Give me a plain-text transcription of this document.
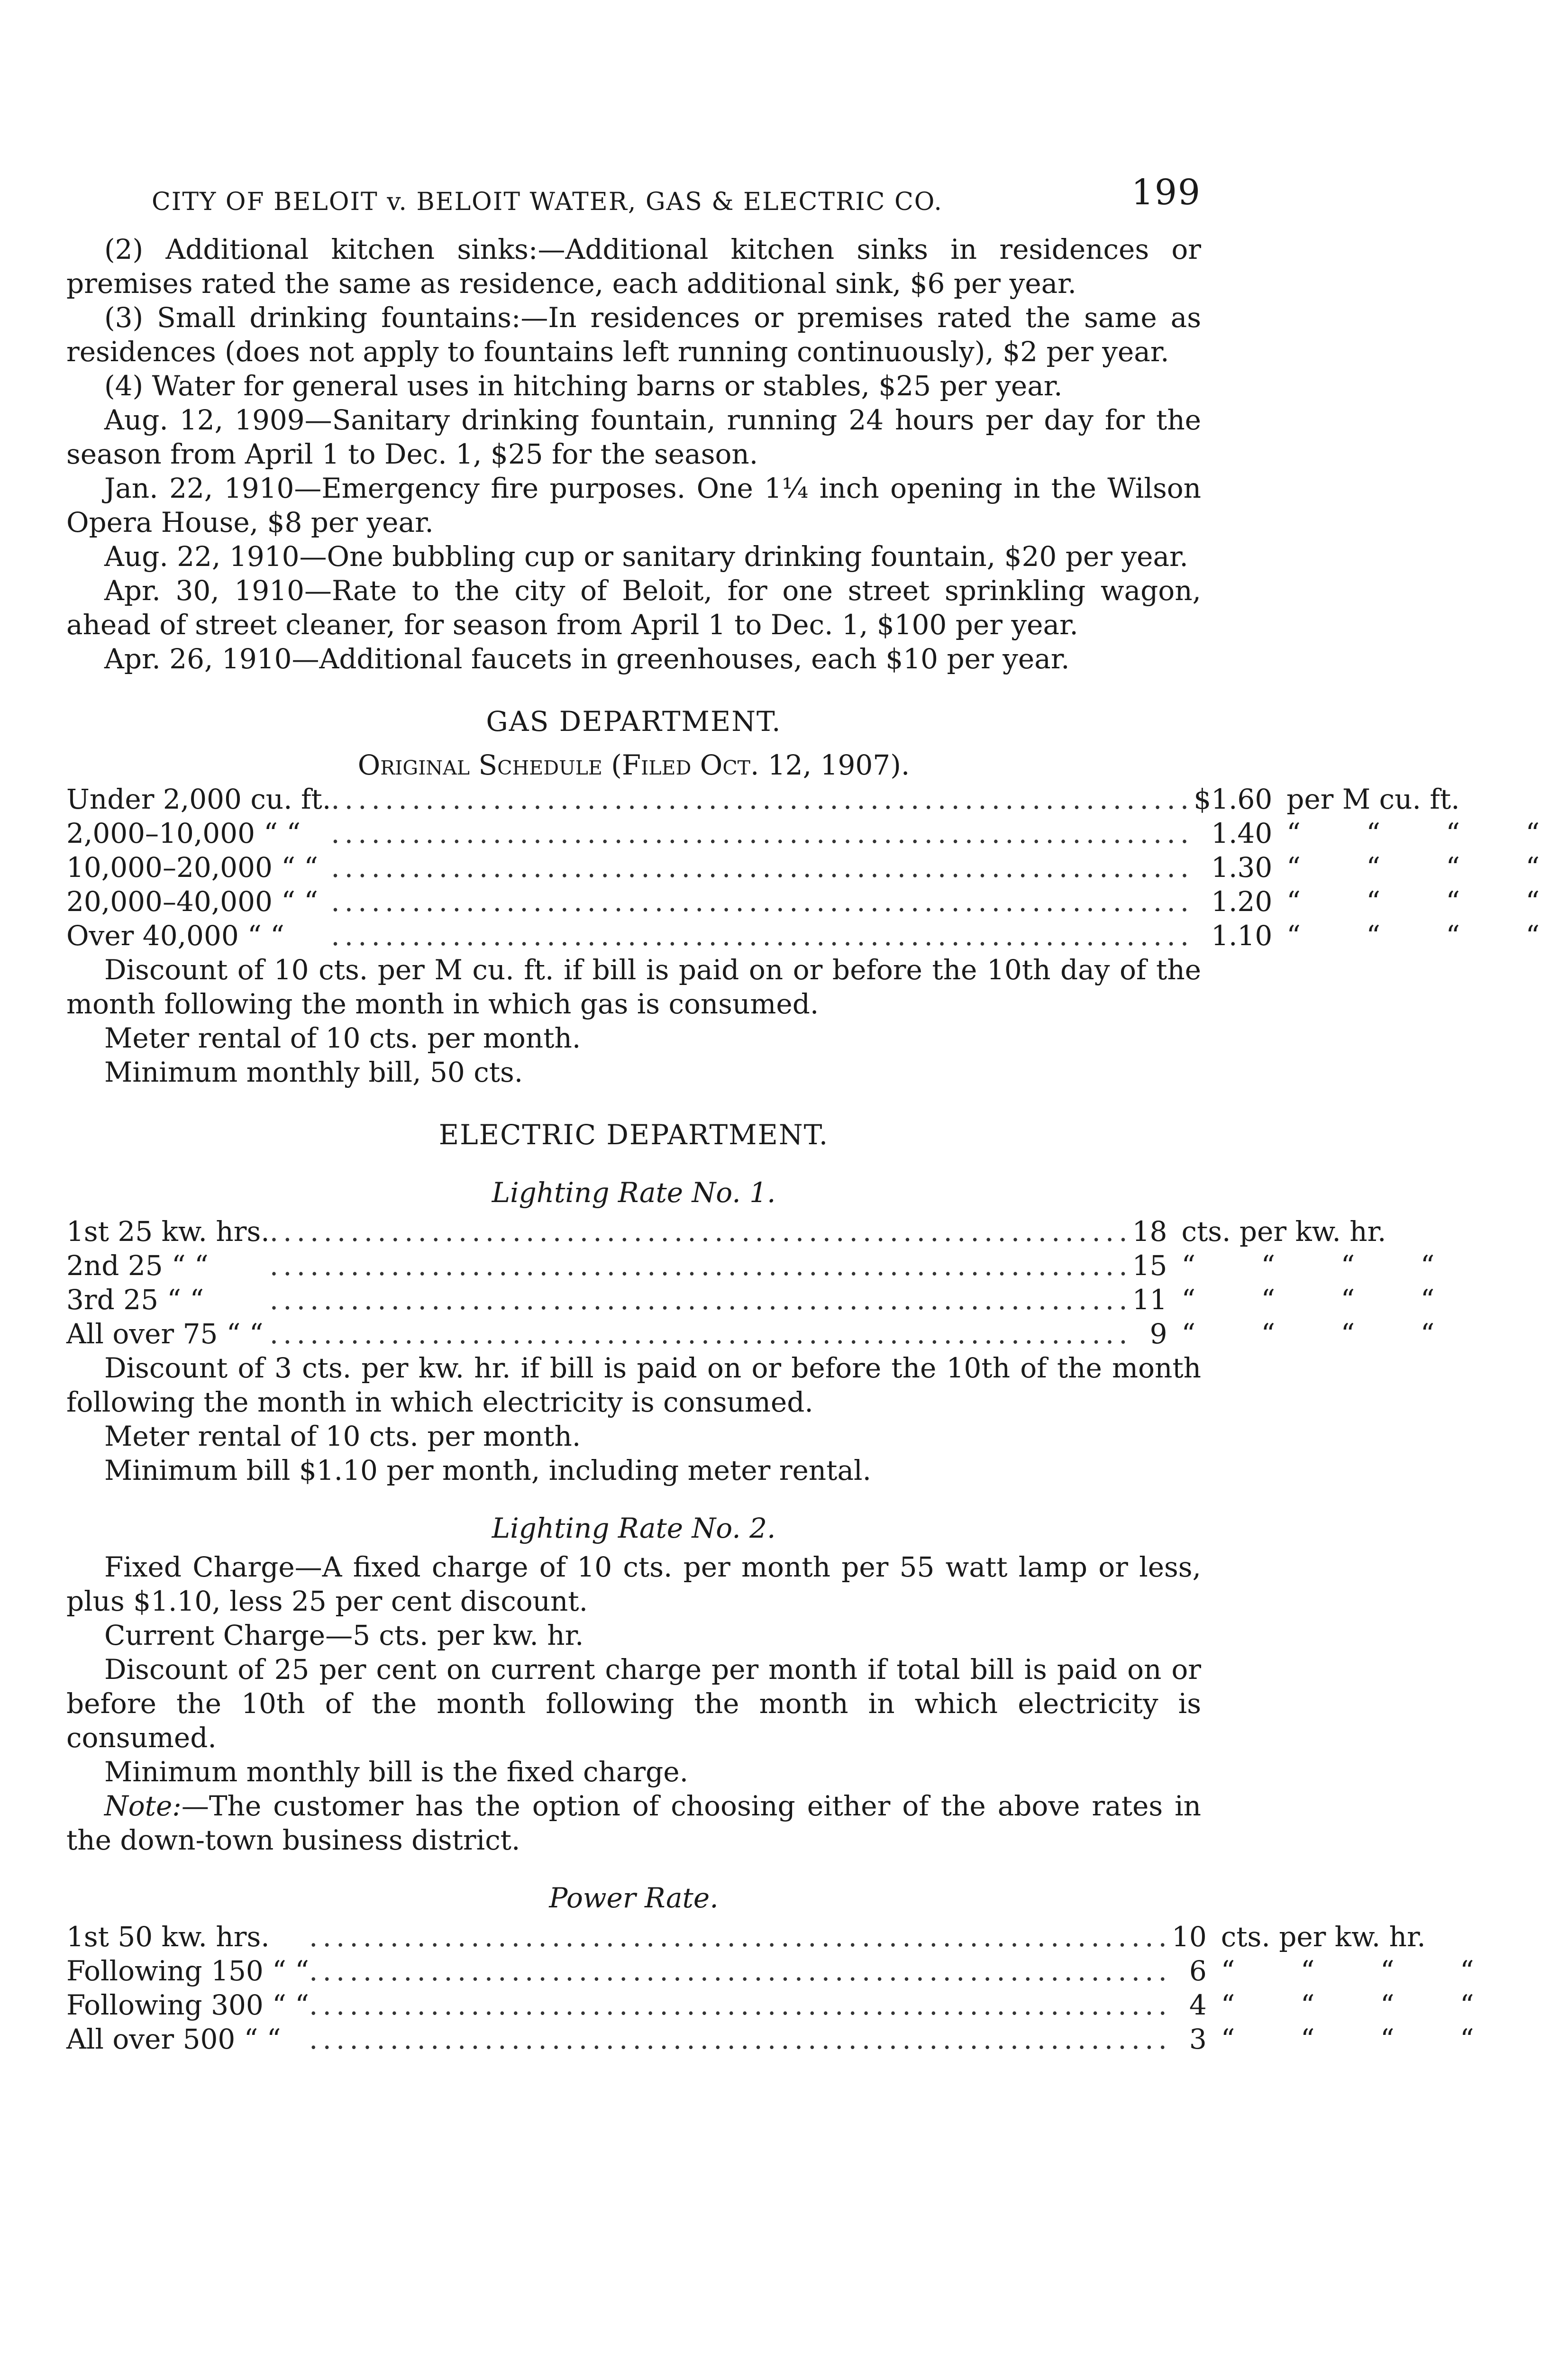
CITY OF BELOIT v. BELOIT WATER, GAS & ELECTRIC CO.	199

(2) Additional kitchen sinks:—Additional kitchen sinks in residences or premises rated the same as residence, each additional sink, $6 per year.

(3) Small drinking fountains:—In residences or premises rated the same as residences (does not apply to fountains left running continuously), $2 per year.

(4) Water for general uses in hitching barns or stables, $25 per year.

Aug. 12, 1909—Sanitary drinking fountain, running 24 hours per day for the season from April 1 to Dec. 1, $25 for the season.

Jan. 22, 1910—Emergency fire purposes. One 1¼ inch opening in the Wilson Opera House, $8 per year.

Aug. 22, 1910—One bubbling cup or sanitary drinking fountain, $20 per year.

Apr. 30, 1910—Rate to the city of Beloit, for one street sprinkling wagon, ahead of street cleaner, for season from April 1 to Dec. 1, $100 per year.

Apr. 26, 1910—Additional faucets in greenhouses, each $10 per year.

GAS DEPARTMENT.
Original Schedule (Filed Oct. 12, 1907).
Under 2,000 cu. ft.	................................................................	$1.60	per M cu. ft.
2,000–10,000 “ “	................................................................	1.40	“ “ “ “
10,000–20,000 “ “	................................................................	1.30	“ “ “ “
20,000–40,000 “ “	................................................................	1.20	“ “ “ “
Over 40,000 “ “	................................................................	1.10	“ “ “ “

Discount of 10 cts. per M cu. ft. if bill is paid on or before the 10th day of the month following the month in which gas is consumed.

Meter rental of 10 cts. per month.

Minimum monthly bill, 50 cts.

ELECTRIC DEPARTMENT.
Lighting Rate No. 1.
1st 25 kw. hrs.	................................................................	18	cts. per kw. hr.
2nd 25 “ “	................................................................	15	“ “ “ “
3rd 25 “ “	................................................................	11	“ “ “ “
All over 75 “ “	................................................................	9	“ “ “ “

Discount of 3 cts. per kw. hr. if bill is paid on or before the 10th of the month following the month in which electricity is consumed.

Meter rental of 10 cts. per month.

Minimum bill $1.10 per month, including meter rental.

Lighting Rate No. 2.

Fixed Charge—A fixed charge of 10 cts. per month per 55 watt lamp or less, plus $1.10, less 25 per cent discount.

Current Charge—5 cts. per kw. hr.

Discount of 25 per cent on current charge per month if total bill is paid on or before the 10th of the month following the month in which electricity is consumed.

Minimum monthly bill is the fixed charge.

Note:—The customer has the option of choosing either of the above rates in the down-town business district.

Power Rate.
1st 50 kw. hrs.	................................................................	10	cts. per kw. hr.
Following 150 “ “	................................................................	6	“ “ “ “
Following 300 “ “	................................................................	4	“ “ “ “
All over 500 “ “	................................................................	3	“ “ “ “
